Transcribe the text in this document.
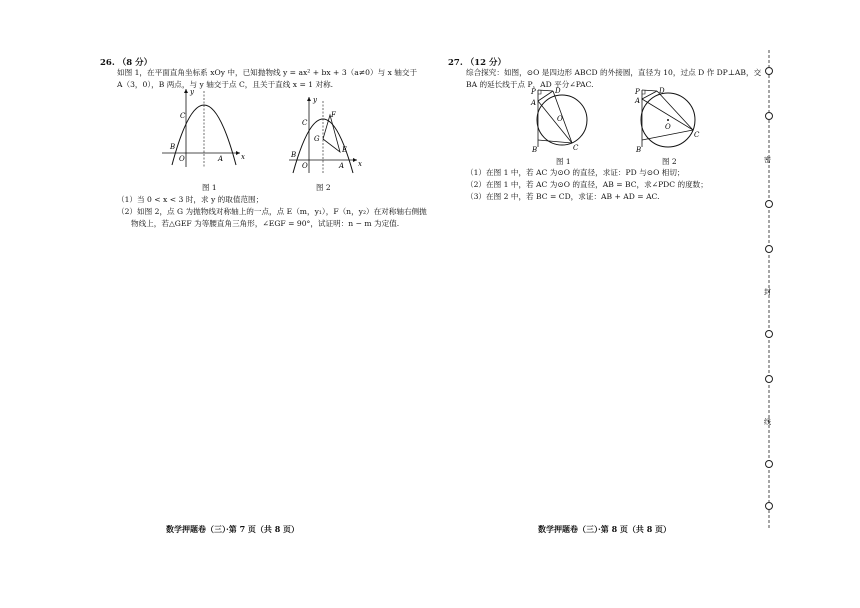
26. （8 分）
如图 1，在平面直角坐标系 xOy 中，已知抛物线 y = ax² + bx + 3（a≠0）与 x 轴交于
A（3，0），B 两点，与 y 轴交于点 C，且关于直线 x = 1 对称.
y
x
C
B
O	A
图 1
C
F
G
E
y
x
B
O	A
图 2
（1）当 0 < x < 3 时，求 y 的取值范围；
（2）如图 2，点 G 为抛物线对称轴上的一点，点 E（m，y₁），F（n，y₂）在对称轴右侧抛
物线上，若△GEF 为等腰直角三角形，∠EGF = 90°，试证明：n − m 为定值.
数学押题卷（三）·第 7 页（共 8 页）
27. （12 分）
综合探究：如图，⊙O 是四边形 ABCD 的外接圆，直径为 10，过点 D 作 DP⊥AB，交
BA 的延长线于点 P，AD 平分∠PAC.
P	D
A
O
B	C
图 1
P	D
A
O
B
C
图 2
（1）在图 1 中，若 AC 为⊙O 的直径，求证：PD 与⊙O 相切；
（2）在图 1 中，若 AC 为⊙O 的直径，AB = BC，求∠PDC 的度数；
（3）在图 2 中，若 BC = CD，求证：AB + AD = AC.
数学押题卷（三）·第 8 页（共 8 页）
密
封
线
